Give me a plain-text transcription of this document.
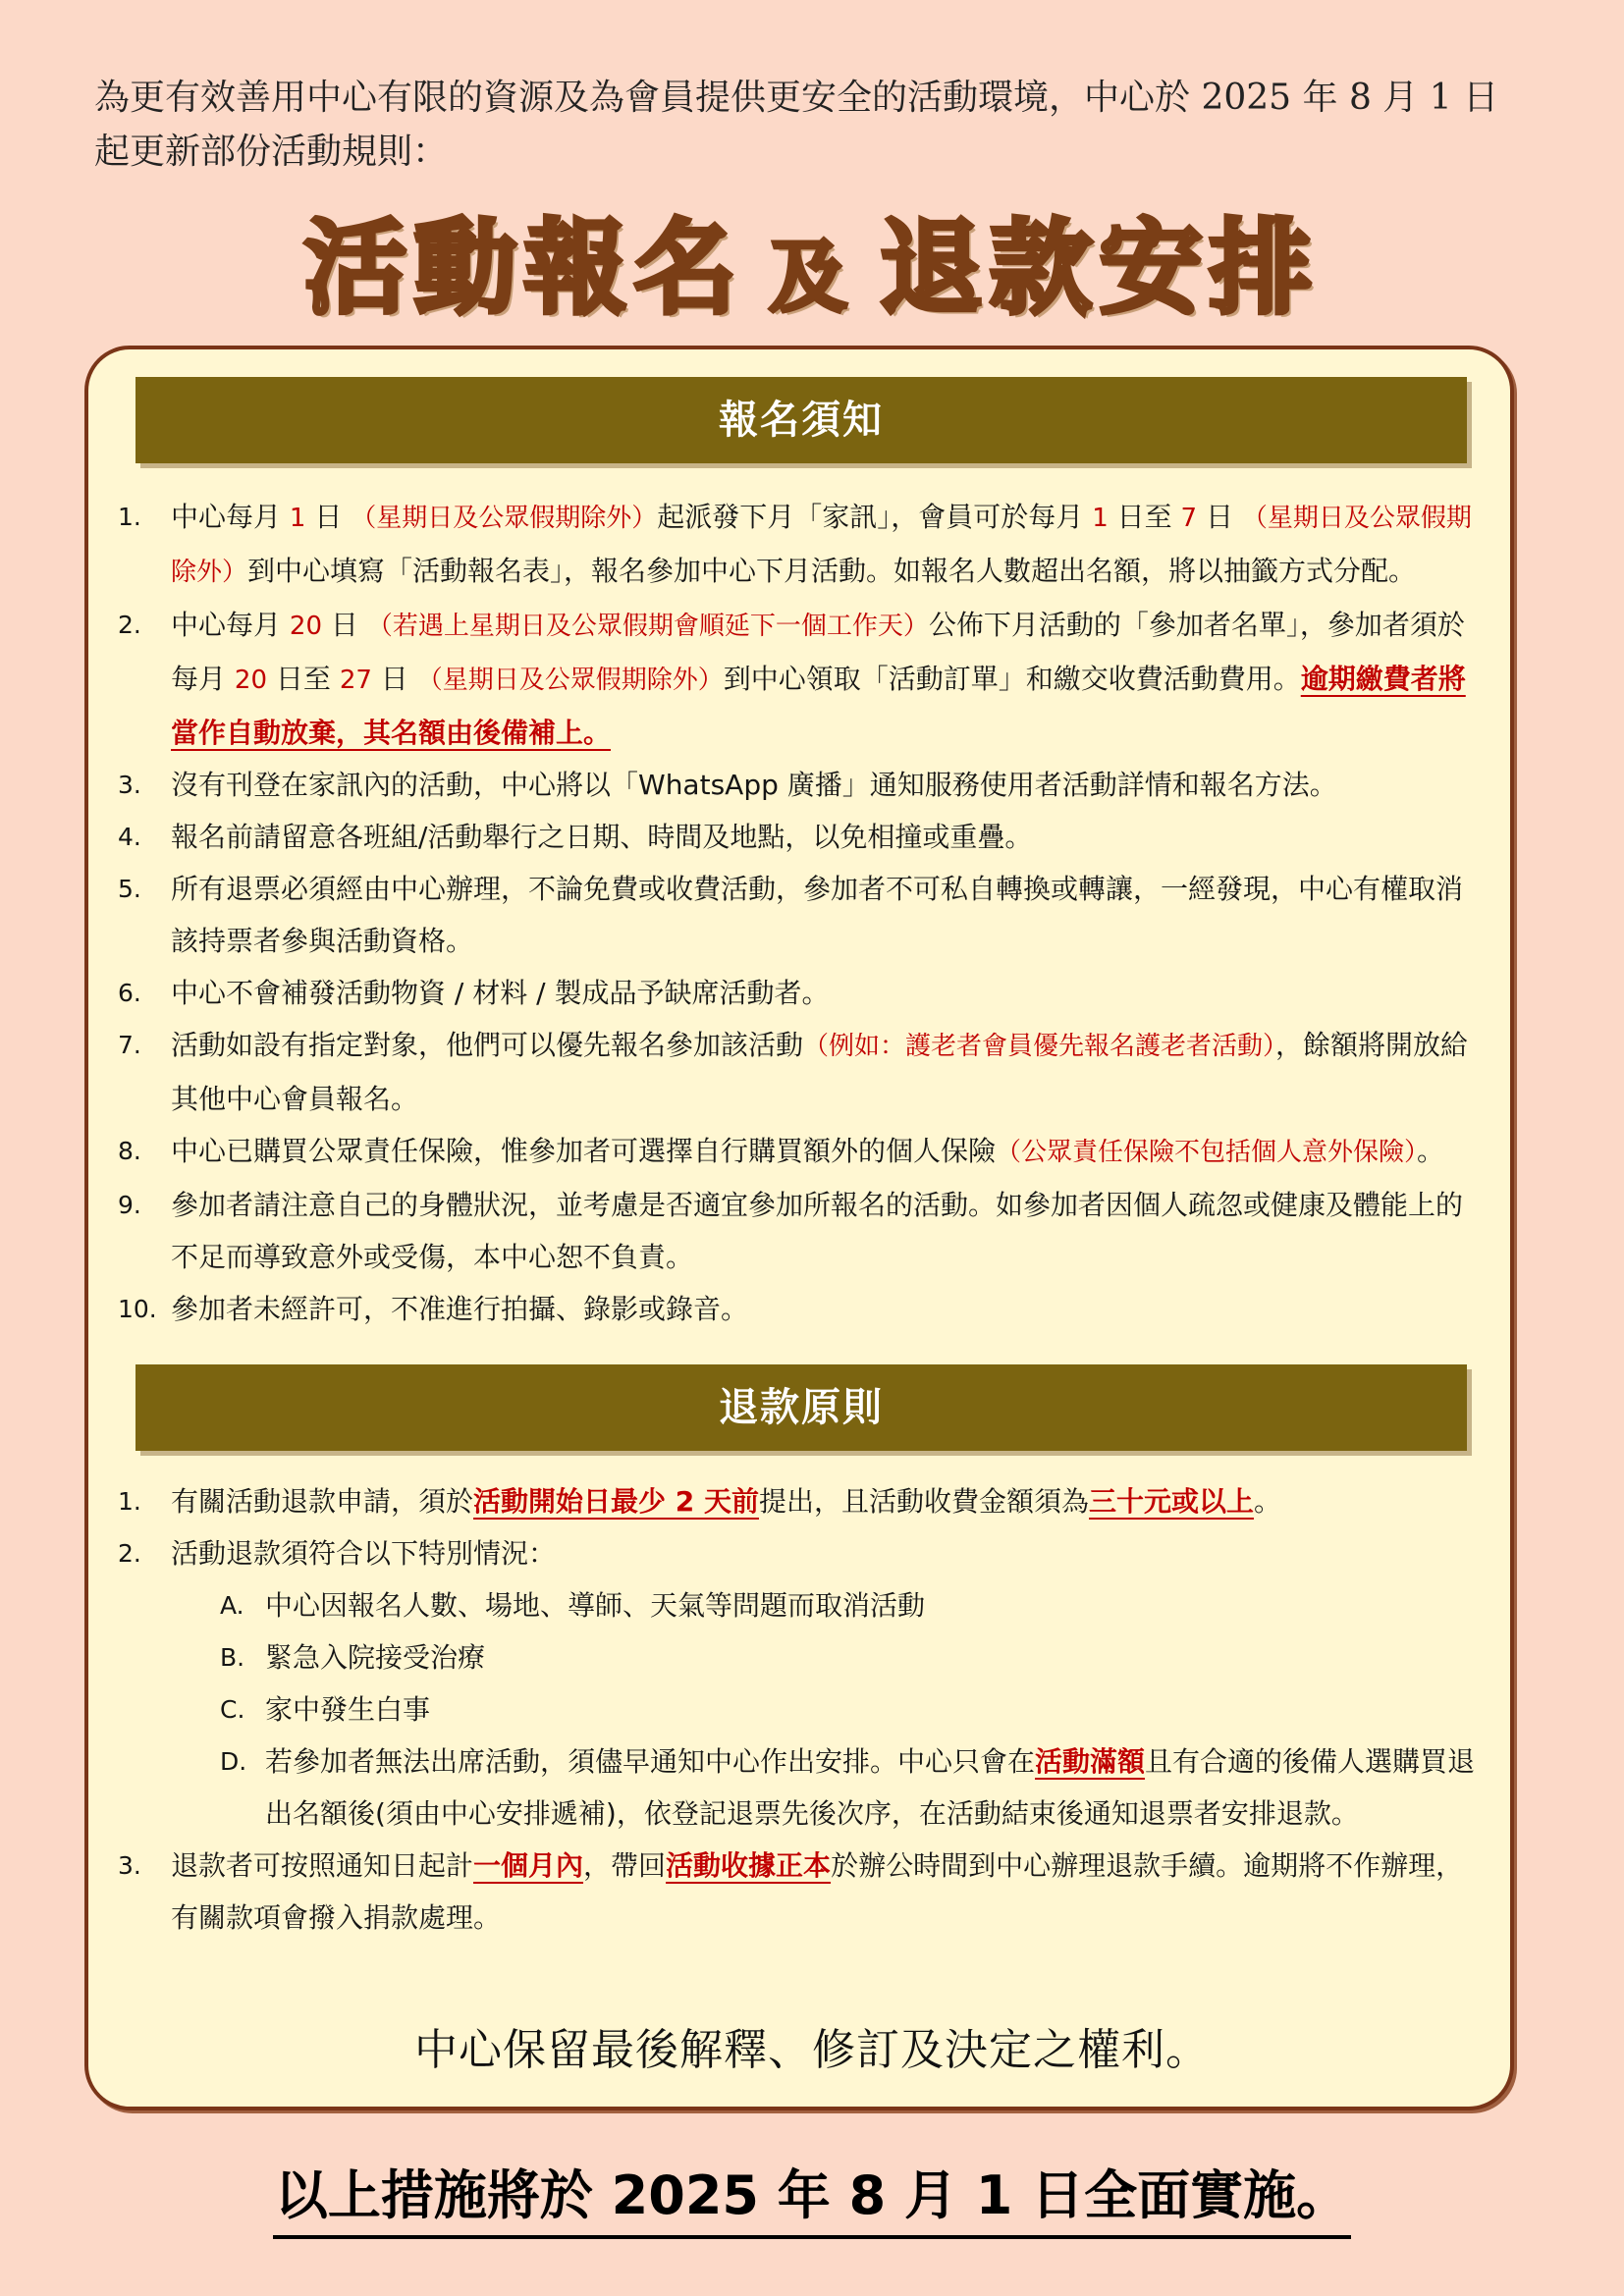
為更有效善用中心有限的資源及為會員提供更安全的活動環境，中心於 2025 年 8 月 1 日起更新部份活動規則：
活動報名 及 退款安排
報名須知
1. 中心每月 1 日 （星期日及公眾假期除外）起派發下月「家訊」，會員可於每月 1 日至 7 日 （星期日及公眾假期除外）到中心填寫「活動報名表」，報名參加中心下月活動。如報名人數超出名額，將以抽籤方式分配。
2. 中心每月 20 日 （若遇上星期日及公眾假期會順延下一個工作天）公佈下月活動的「參加者名單」，參加者須於每月 20 日至 27 日 （星期日及公眾假期除外）到中心領取「活動訂單」和繳交收費活動費用。逾期繳費者將當作自動放棄，其名額由後備補上。
3. 沒有刊登在家訊內的活動，中心將以「WhatsApp 廣播」通知服務使用者活動詳情和報名方法。
4. 報名前請留意各班組/活動舉行之日期、時間及地點，以免相撞或重疊。
5. 所有退票必須經由中心辦理，不論免費或收費活動，參加者不可私自轉換或轉讓，一經發現，中心有權取消該持票者參與活動資格。
6. 中心不會補發活動物資 / 材料 / 製成品予缺席活動者。
7. 活動如設有指定對象，他們可以優先報名參加該活動（例如：護老者會員優先報名護老者活動），餘額將開放給其他中心會員報名。
8. 中心已購買公眾責任保險，惟參加者可選擇自行購買額外的個人保險（公眾責任保險不包括個人意外保險）。
9. 參加者請注意自己的身體狀況，並考慮是否適宜參加所報名的活動。如參加者因個人疏忽或健康及體能上的不足而導致意外或受傷，本中心恕不負責。
10. 參加者未經許可，不准進行拍攝、錄影或錄音。
退款原則
1. 有關活動退款申請，須於活動開始日最少 2 天前提出，且活動收費金額須為三十元或以上。
2. 活動退款須符合以下特別情況：
A. 中心因報名人數、場地、導師、天氣等問題而取消活動
B. 緊急入院接受治療
C. 家中發生白事
D. 若參加者無法出席活動，須儘早通知中心作出安排。中心只會在活動滿額且有合適的後備人選購買退出名額後(須由中心安排遞補)，依登記退票先後次序，在活動結束後通知退票者安排退款。
3. 退款者可按照通知日起計一個月內，帶回活動收據正本於辦公時間到中心辦理退款手續。逾期將不作辦理，有關款項會撥入捐款處理。
中心保留最後解釋、修訂及決定之權利。
以上措施將於 2025 年 8 月 1 日全面實施。
